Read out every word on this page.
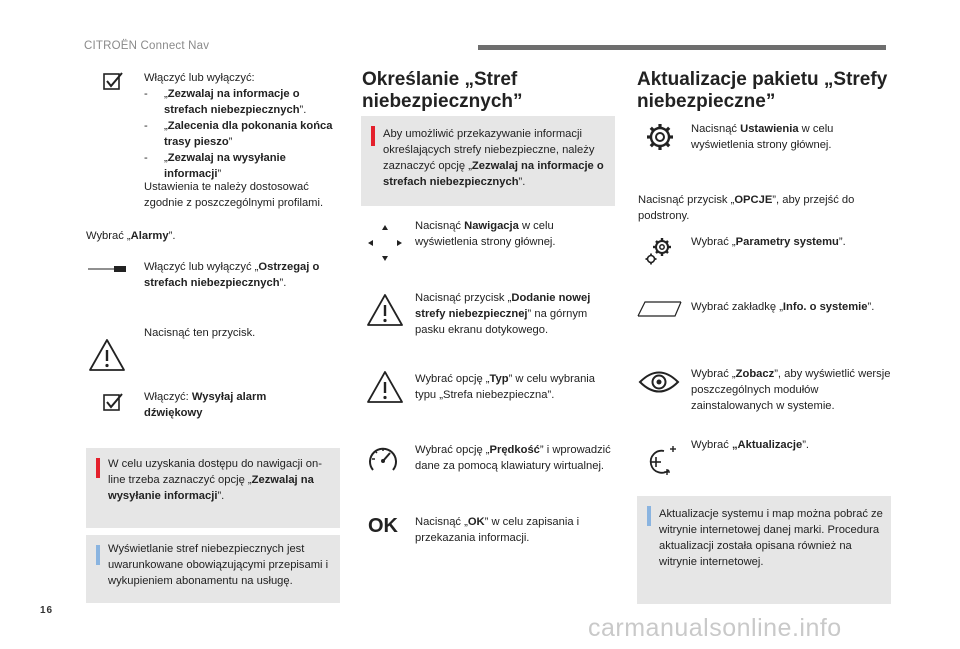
CITROËN Connect Nav
Włączyć lub wyłączyć:
- „Zezwalaj na informacje o strefach niebezpiecznych”.
- „Zalecenia dla pokonania końca trasy pieszo”
- „Zezwalaj na wysyłanie informacji”
Ustawienia te należy dostosować zgodnie z poszczególnymi profilami.
Wybrać „Alarmy”.
Włączyć lub wyłączyć „Ostrzegaj o strefach niebezpiecznych”.
Nacisnąć ten przycisk.
Włączyć: Wysyłaj alarm dźwiękowy
W celu uzyskania dostępu do nawigacji on-line trzeba zaznaczyć opcję „Zezwalaj na wysyłanie informacji”.
Wyświetlanie stref niebezpiecznych jest uwarunkowane obowiązującymi przepisami i wykupieniem abonamentu na usługę.
Określanie „Stref niebezpiecznych”
Aby umożliwić przekazywanie informacji określających strefy niebezpieczne, należy zaznaczyć opcję „Zezwalaj na informacje o strefach niebezpiecznych”.
Nacisnąć Nawigacja w celu wyświetlenia strony głównej.
Nacisnąć przycisk „Dodanie nowej strefy niebezpiecznej” na górnym pasku ekranu dotykowego.
Wybrać opcję „Typ” w celu wybrania typu „Strefa niebezpieczna”.
Wybrać opcję „Prędkość” i wprowadzić dane za pomocą klawiatury wirtualnej.
OK Nacisnąć „OK” w celu zapisania i przekazania informacji.
Aktualizacje pakietu „Strefy niebezpieczne”
Nacisnąć Ustawienia w celu wyświetlenia strony głównej.
Nacisnąć przycisk „OPCJE”, aby przejść do podstrony.
Wybrać „Parametry systemu”.
Wybrać zakładkę „Info. o systemie”.
Wybrać „Zobacz”, aby wyświetlić wersje poszczególnych modułów zainstalowanych w systemie.
Wybrać „Aktualizacje”.
Aktualizacje systemu i map można pobrać ze witrynie internetowej danej marki. Procedura aktualizacji została opisana również na witrynie internetowej.
16
carmanualsonline.info
